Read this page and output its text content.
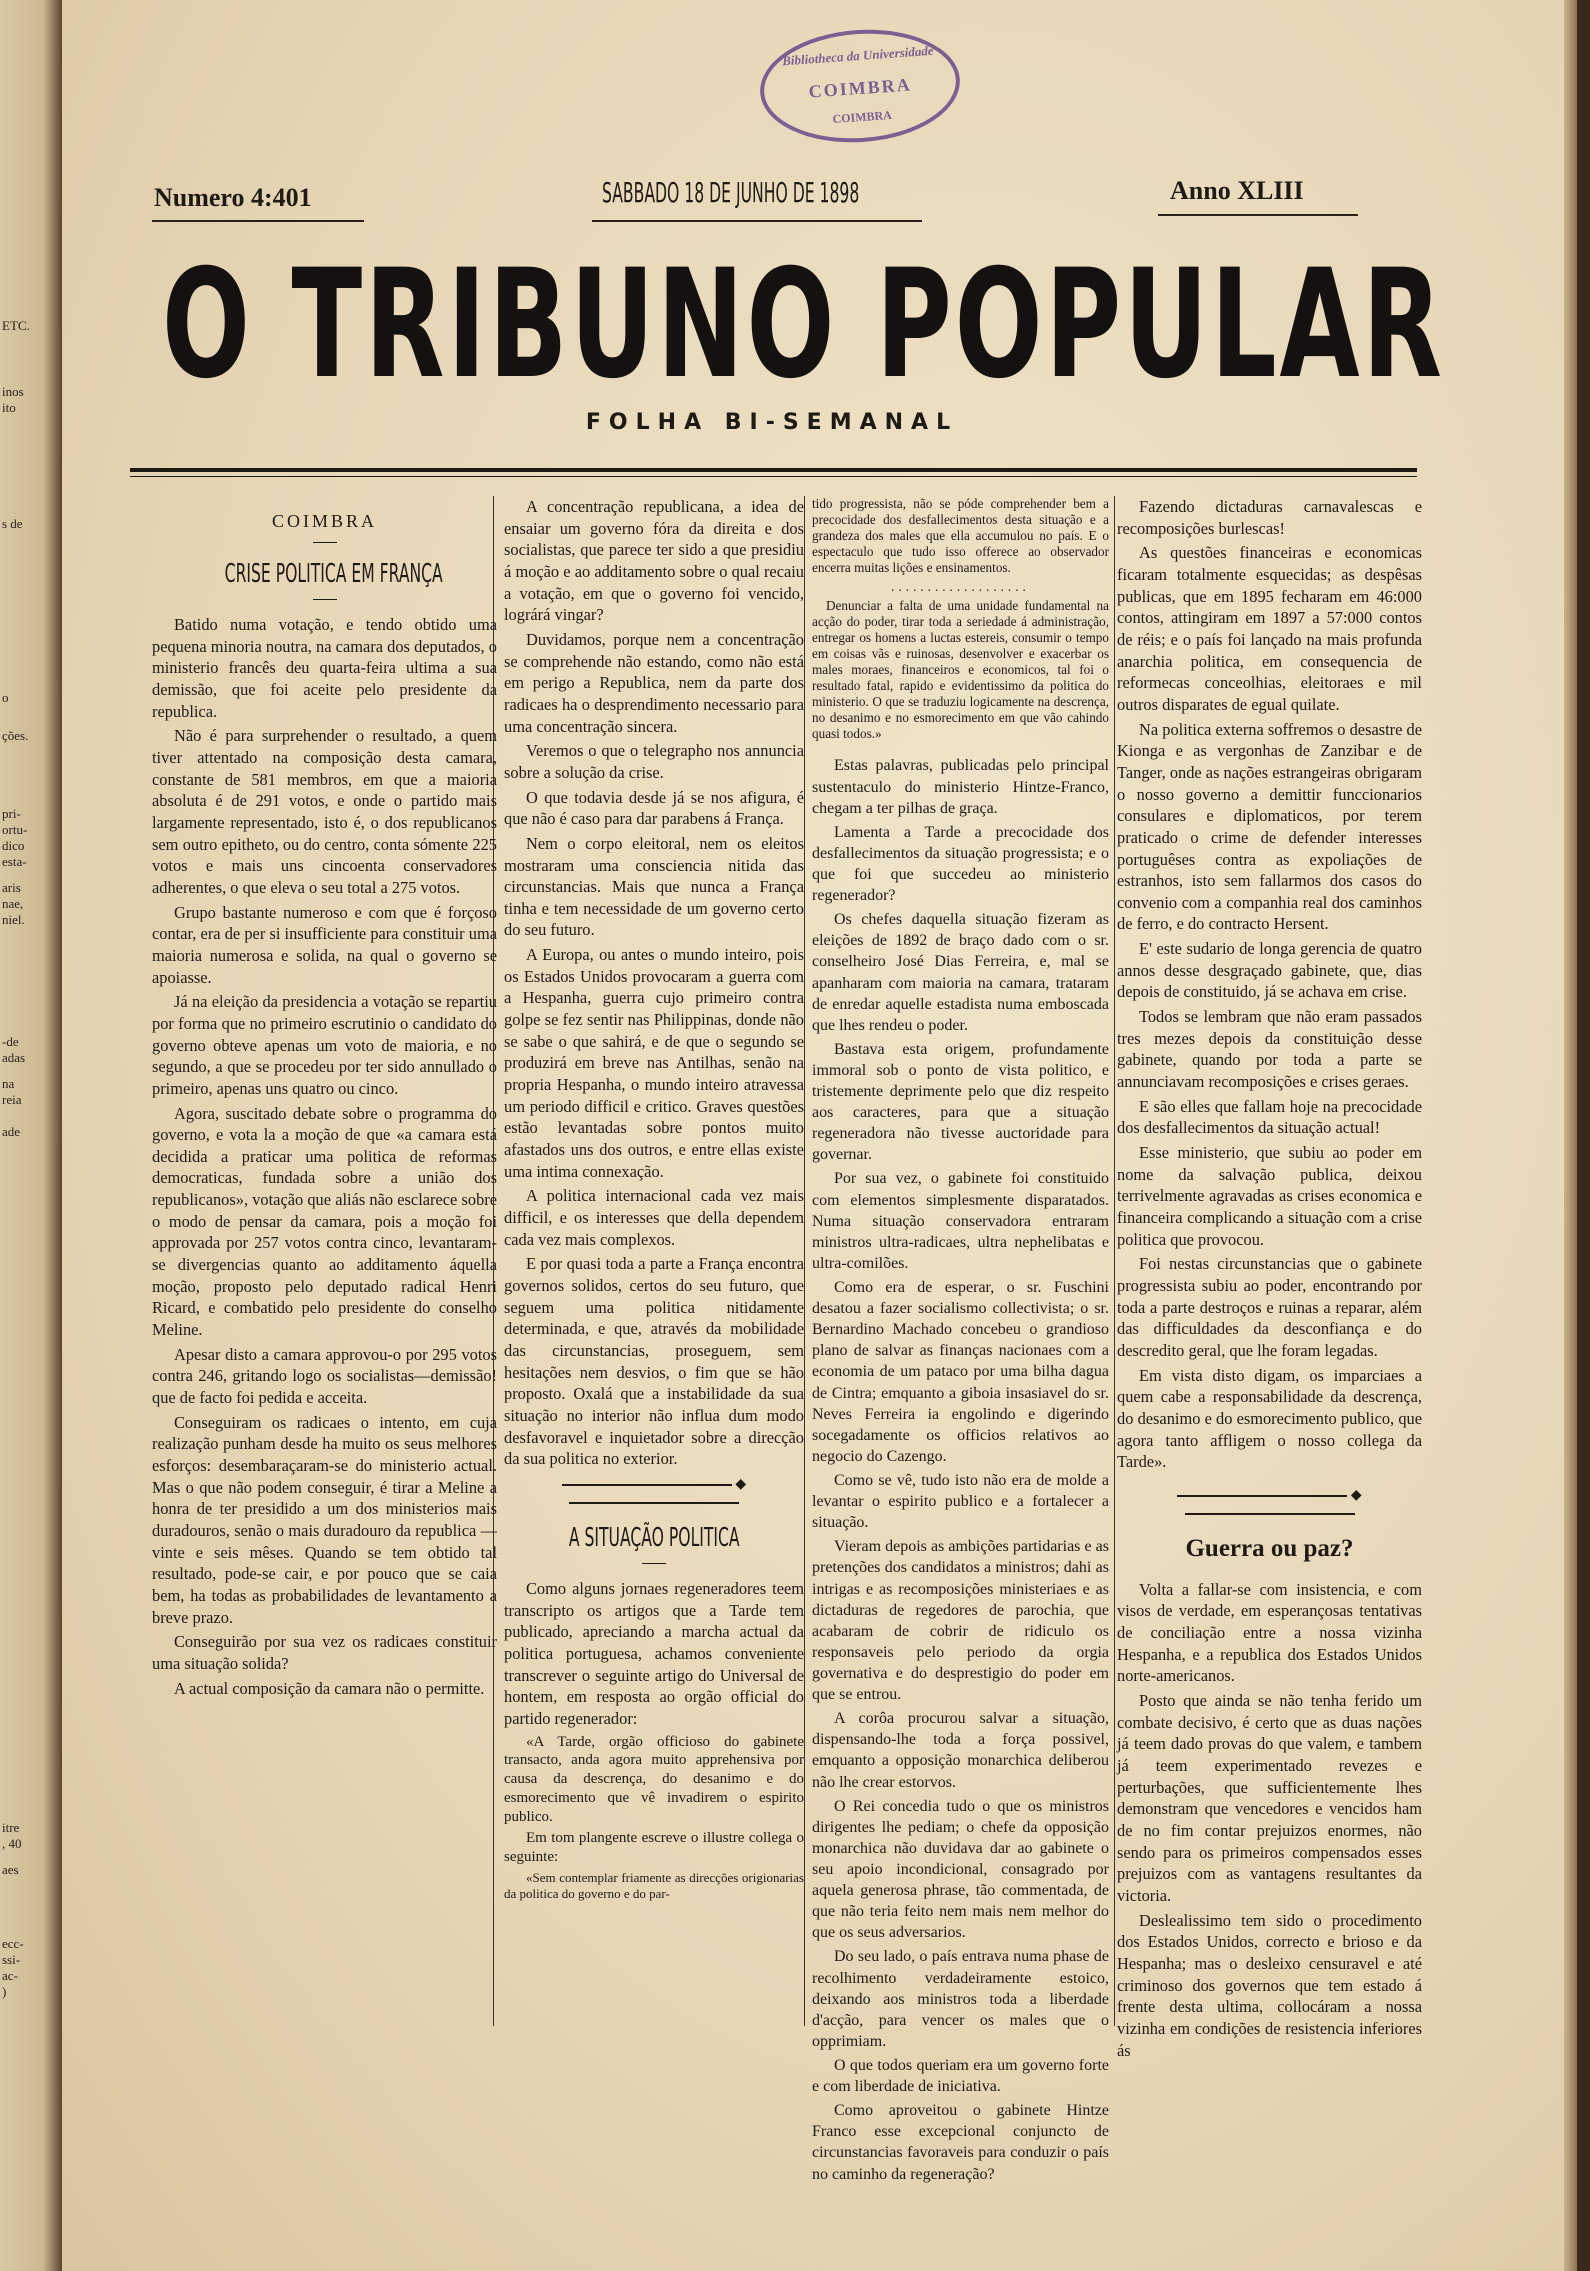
ETC.
inos
ito
s de
o
ções.
pri-
ortu-
dico
esta-
aris
nae,
niel.
-de
adas
na
reia
ade
itre
, 40
aes
ecc-
ssi-
ac-
)
Bibliotheca da Universidade
COIMBRA
COIMBRA
Numero 4:401	SABBADO 18 DE JUNHO DE 1898	Anno XLIII
O TRIBUNO POPULAR
FOLHA BI-SEMANAL
COIMBRA
CRISE POLITICA EM FRANÇA

Batido numa votação, e tendo obtido uma pequena minoria noutra, na camara dos deputados, o ministerio francês deu quarta-feira ultima a sua demissão, que foi aceite pelo presidente da republica.

Não é para surprehender o resultado, a quem tiver attentado na composição desta camara, constante de 581 membros, em que a maioria absoluta é de 291 votos, e onde o partido mais largamente representado, isto é, o dos republicanos sem outro epitheto, ou do centro, conta sómente 225 votos e mais uns cincoenta conservadores adherentes, o que eleva o seu total a 275 votos.

Grupo bastante numeroso e com que é forçoso contar, era de per si insufficiente para constituir uma maioria numerosa e solida, na qual o governo se apoiasse.

Já na eleição da presidencia a votação se repartiu por forma que no primeiro escrutinio o candidato do governo obteve apenas um voto de maioria, e no segundo, a que se procedeu por ter sido annullado o primeiro, apenas uns quatro ou cinco.

Agora, suscitado debate sobre o programma do governo, e vota la a moção de que «a camara está decidida a praticar uma politica de reformas democraticas, fundada sobre a união dos republicanos», votação que aliás não esclarece sobre o modo de pensar da camara, pois a moção foi approvada por 257 votos contra cinco, levantaram-se divergencias quanto ao additamento áquella moção, proposto pelo deputado radical Henri Ricard, e combatido pelo presidente do conselho Meline.

Apesar disto a camara approvou-o por 295 votos contra 246, gritando logo os socialistas—demissão! que de facto foi pedida e acceita.

Conseguiram os radicaes o intento, em cuja realização punham desde ha muito os seus melhores esforços: desembaraçaram-se do ministerio actual. Mas o que não podem conseguir, é tirar a Meline a honra de ter presidido a um dos ministerios mais duradouros, senão o mais duradouro da republica —vinte e seis mêses. Quando se tem obtido tal resultado, pode-se cair, e por pouco que se caia bem, ha todas as probabilidades de levantamento a breve prazo.

Conseguirão por sua vez os radicaes constituir uma situação solida?

A actual composição da camara não o permitte.

A concentração republicana, a idea de ensaiar um governo fóra da direita e dos socialistas, que parece ter sido a que presidiu á moção e ao additamento sobre o qual recaiu a votação, em que o governo foi vencido, lográrá vingar?

Duvidamos, porque nem a concentração se comprehende não estando, como não está em perigo a Republica, nem da parte dos radicaes ha o desprendimento necessario para uma concentração sincera.

Veremos o que o telegrapho nos annuncia sobre a solução da crise.

O que todavia desde já se nos afigura, é que não é caso para dar parabens á França.

Nem o corpo eleitoral, nem os eleitos mostraram uma consciencia nitida das circunstancias. Mais que nunca a França tinha e tem necessidade de um governo certo do seu futuro.

A Europa, ou antes o mundo inteiro, pois os Estados Unidos provocaram a guerra com a Hespanha, guerra cujo primeiro contra golpe se fez sentir nas Philippinas, donde não se sabe o que sahirá, e de que o segundo se produzirá em breve nas Antilhas, senão na propria Hespanha, o mundo inteiro atravessa um periodo difficil e critico. Graves questões estão levantadas sobre pontos muito afastados uns dos outros, e entre ellas existe uma intima connexação.

A politica internacional cada vez mais difficil, e os interesses que della dependem cada vez mais complexos.

E por quasi toda a parte a França encontra governos solidos, certos do seu futuro, que seguem uma politica nitidamente determinada, e que, através da mobilidade das circunstancias, proseguem, sem hesitações nem desvios, o fim que se hão proposto. Oxalá que a instabilidade da sua situação no interior não influa dum modo desfavoravel e inquietador sobre a direcção da sua politica no exterior.

◆
A SITUAÇÃO POLITICA

Como alguns jornaes regeneradores teem transcripto os artigos que a Tarde tem publicado, apreciando a marcha actual da politica portuguesa, achamos conveniente transcrever o seguinte artigo do Universal de hontem, em resposta ao orgão official do partido regenerador:

«A Tarde, orgão officioso do gabinete transacto, anda agora muito apprehensiva por causa da descrença, do desanimo e do esmorecimento que vê invadirem o espirito publico.

Em tom plangente escreve o illustre collega o seguinte:

«Sem contemplar friamente as direcções origionarias da politica do governo e do par-

tido progressista, não se póde comprehender bem a precocidade dos desfallecimentos desta situação e a grandeza dos males que ella accumulou no país. E o espectaculo que tudo isso offerece ao observador encerra muitas lições e ensinamentos.

...................

Denunciar a falta de uma unidade fundamental na acção do poder, tirar toda a seriedade á administração, entregar os homens a luctas estereis, consumir o tempo em coisas vãs e ruinosas, desenvolver e exacerbar os males moraes, financeiros e economicos, tal foi o resultado fatal, rapido e evidentissimo da politica do ministerio. O que se traduziu logicamente na descrença, no desanimo e no esmorecimento em que vão cahindo quasi todos.»

Estas palavras, publicadas pelo principal sustentaculo do ministerio Hintze-Franco, chegam a ter pilhas de graça.

Lamenta a Tarde a precocidade dos desfallecimentos da situação progressista; e o que foi que succedeu ao ministerio regenerador?

Os chefes daquella situação fizeram as eleições de 1892 de braço dado com o sr. conselheiro José Dias Ferreira, e, mal se apanharam com maioria na camara, trataram de enredar aquelle estadista numa emboscada que lhes rendeu o poder.

Bastava esta origem, profundamente immoral sob o ponto de vista politico, e tristemente deprimente pelo que diz respeito aos caracteres, para que a situação regeneradora não tivesse auctoridade para governar.

Por sua vez, o gabinete foi constituido com elementos simplesmente disparatados. Numa situação conservadora entraram ministros ultra-radicaes, ultra nephelibatas e ultra-comilões.

Como era de esperar, o sr. Fuschini desatou a fazer socialismo collectivista; o sr. Bernardino Machado concebeu o grandioso plano de salvar as finanças nacionaes com a economia de um pataco por uma bilha dagua de Cintra; emquanto a giboia insasiavel do sr. Neves Ferreira ia engolindo e digerindo socegadamente os officios relativos ao negocio do Cazengo.

Como se vê, tudo isto não era de molde a levantar o espirito publico e a fortalecer a situação.

Vieram depois as ambições partidarias e as pretenções dos candidatos a ministros; dahi as intrigas e as recomposições ministeriaes e as dictaduras de regedores de parochia, que acabaram de cobrir de ridiculo os responsaveis pelo periodo da orgia governativa e do desprestigio do poder em que se entrou.

A corôa procurou salvar a situação, dispensando-lhe toda a força possivel, emquanto a opposição monarchica deliberou não lhe crear estorvos.

O Rei concedia tudo o que os ministros dirigentes lhe pediam; o chefe da opposição monarchica não duvidava dar ao gabinete o seu apoio incondicional, consagrado por aquela generosa phrase, tão commentada, de que não teria feito nem mais nem melhor do que os seus adversarios.

Do seu lado, o país entrava numa phase de recolhimento verdadeiramente estoico, deixando aos ministros toda a liberdade d'acção, para vencer os males que o opprimiam.

O que todos queriam era um governo forte e com liberdade de iniciativa.

Como aproveitou o gabinete Hintze Franco esse excepcional conjuncto de circunstancias favoraveis para conduzir o país no caminho da regeneração?

Fazendo dictaduras carnavalescas e recomposições burlescas!

As questões financeiras e economicas ficaram totalmente esquecidas; as despêsas publicas, que em 1895 fecharam em 46:000 contos, attingiram em 1897 a 57:000 contos de réis; e o país foi lançado na mais profunda anarchia politica, em consequencia de reformecas conceolhias, eleitoraes e mil outros disparates de egual quilate.

Na politica externa soffremos o desastre de Kionga e as vergonhas de Zanzibar e de Tanger, onde as nações estrangeiras obrigaram o nosso governo a demittir funccionarios consulares e diplomaticos, por terem praticado o crime de defender interesses portuguêses contra as expoliações de estranhos, isto sem fallarmos dos casos do convenio com a companhia real dos caminhos de ferro, e do contracto Hersent.

E' este sudario de longa gerencia de quatro annos desse desgraçado gabinete, que, dias depois de constituido, já se achava em crise.

Todos se lembram que não eram passados tres mezes depois da constituição desse gabinete, quando por toda a parte se annunciavam recomposições e crises geraes.

E são elles que fallam hoje na precocidade dos desfallecimentos da situação actual!

Esse ministerio, que subiu ao poder em nome da salvação publica, deixou terrivelmente agravadas as crises economica e financeira complicando a situação com a crise politica que provocou.

Foi nestas circunstancias que o gabinete progressista subiu ao poder, encontrando por toda a parte destroços e ruinas a reparar, além das difficuldades da desconfiança e do descredito geral, que lhe foram legadas.

Em vista disto digam, os imparciaes a quem cabe a responsabilidade da descrença, do desanimo e do esmorecimento publico, que agora tanto affligem o nosso collega da Tarde».

◆
Guerra ou paz?

Volta a fallar-se com insistencia, e com visos de verdade, em esperançosas tentativas de conciliação entre a nossa vizinha Hespanha, e a republica dos Estados Unidos norte-americanos.

Posto que ainda se não tenha ferido um combate decisivo, é certo que as duas nações já teem dado provas do que valem, e tambem já teem experimentado revezes e perturbações, que sufficientemente lhes demonstram que vencedores e vencidos ham de no fim contar prejuizos enormes, não sendo para os primeiros compensados esses prejuizos com as vantagens resultantes da victoria.

Deslealissimo tem sido o procedimento dos Estados Unidos, correcto e brioso e da Hespanha; mas o desleixo censuravel e até criminoso dos governos que tem estado á frente desta ultima, collocáram a nossa vizinha em condições de resistencia inferiores ás
